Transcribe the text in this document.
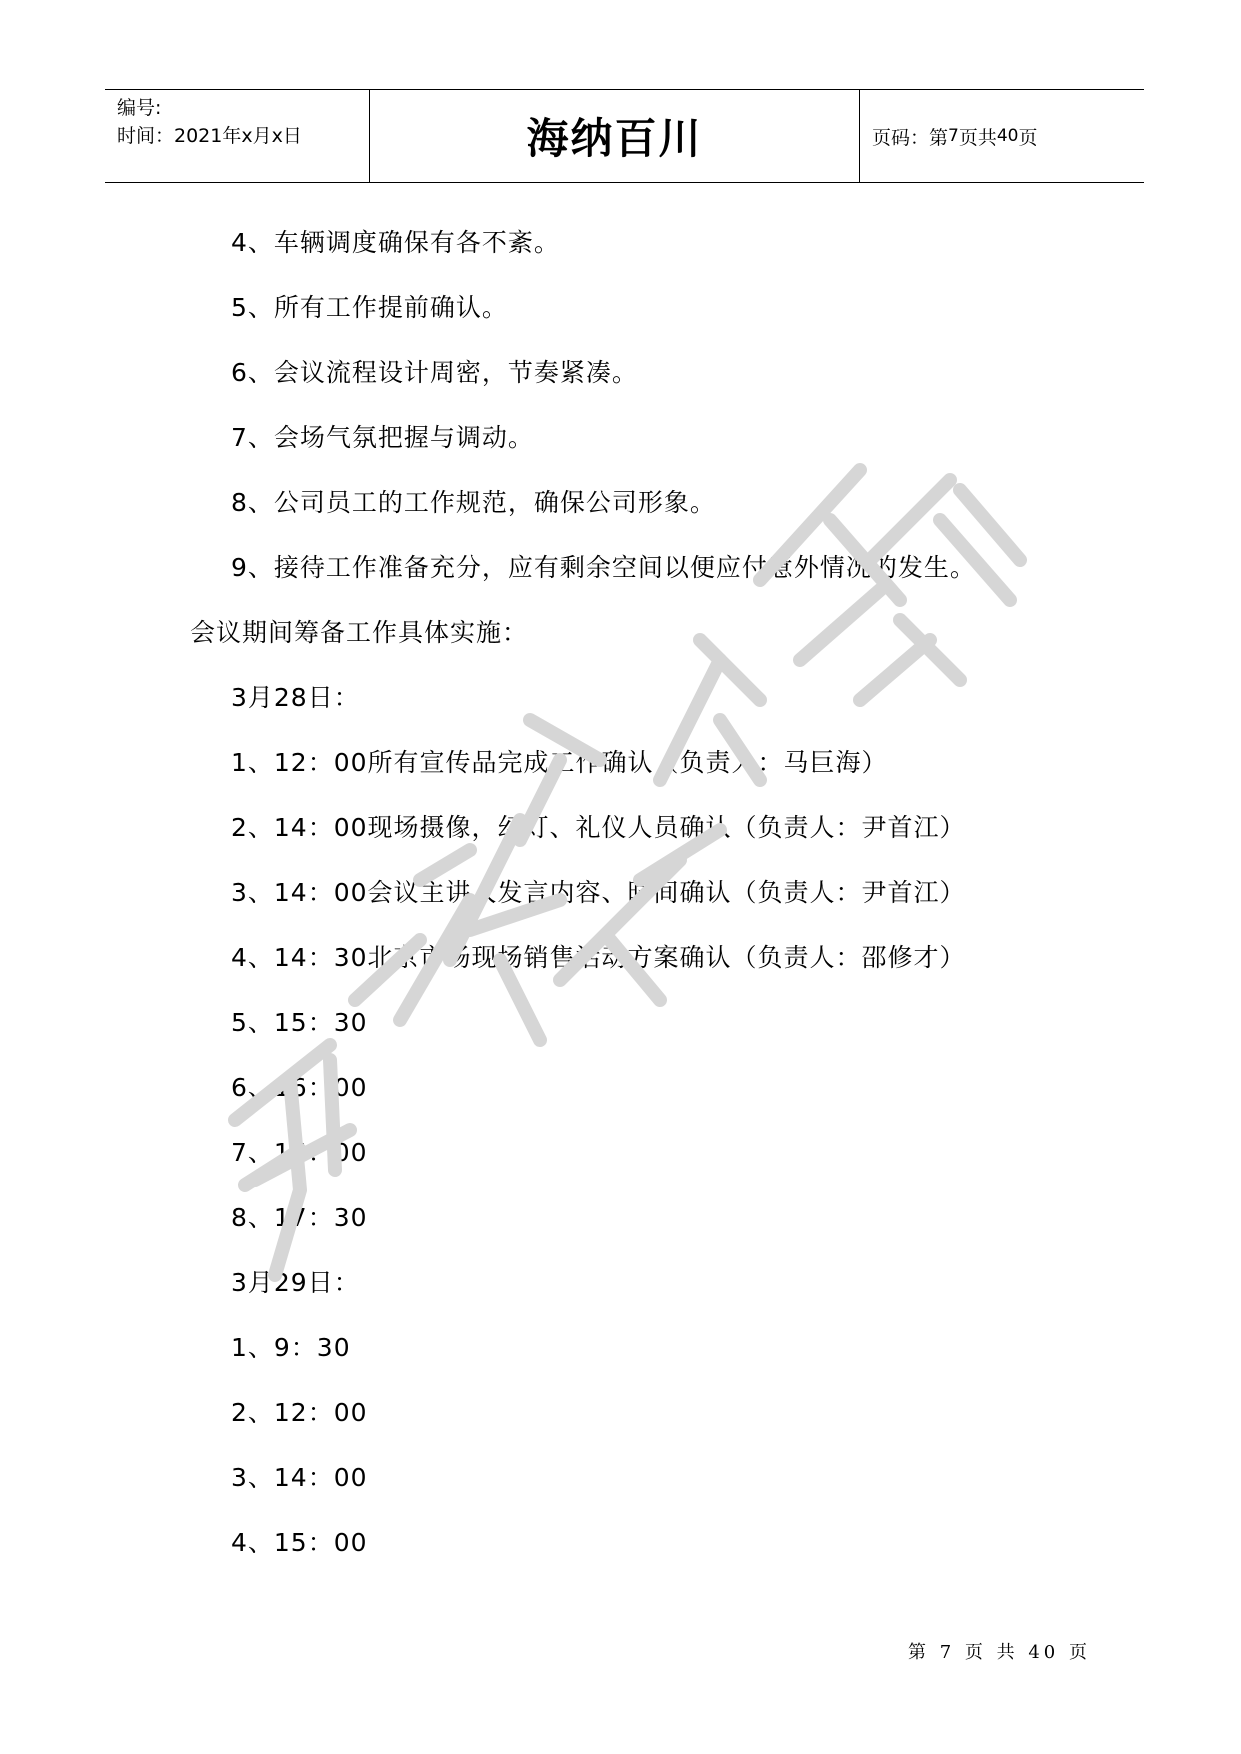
编号:
时间：2021年x月x日	海纳百川	页码：第 7 页共 40 页
4、车辆调度确保有各不紊。
5、所有工作提前确认。
6、会议流程设计周密，节奏紧凑。
7、会场气氛把握与调动。
8、公司员工的工作规范，确保公司形象。
9、接待工作准备充分，应有剩余空间以便应付意外情况的发生。
会议期间筹备工作具体实施：
3月28日：
1、12：00所有宣传品完成工作确认（负责人：马巨海）
2、14：00现场摄像，幻灯、礼仪人员确认（负责人：尹首江）
3、14：00会议主讲人发言内容、时间确认（负责人：尹首江）
4、14：30北京市场现场销售活动方案确认（负责人：邵修才）
5、15：30
6、16：00
7、16：00
8、17：30
3月29日：
1、9：30
2、12：00
3、14：00
4、15：00
第 7 页 共 40 页
